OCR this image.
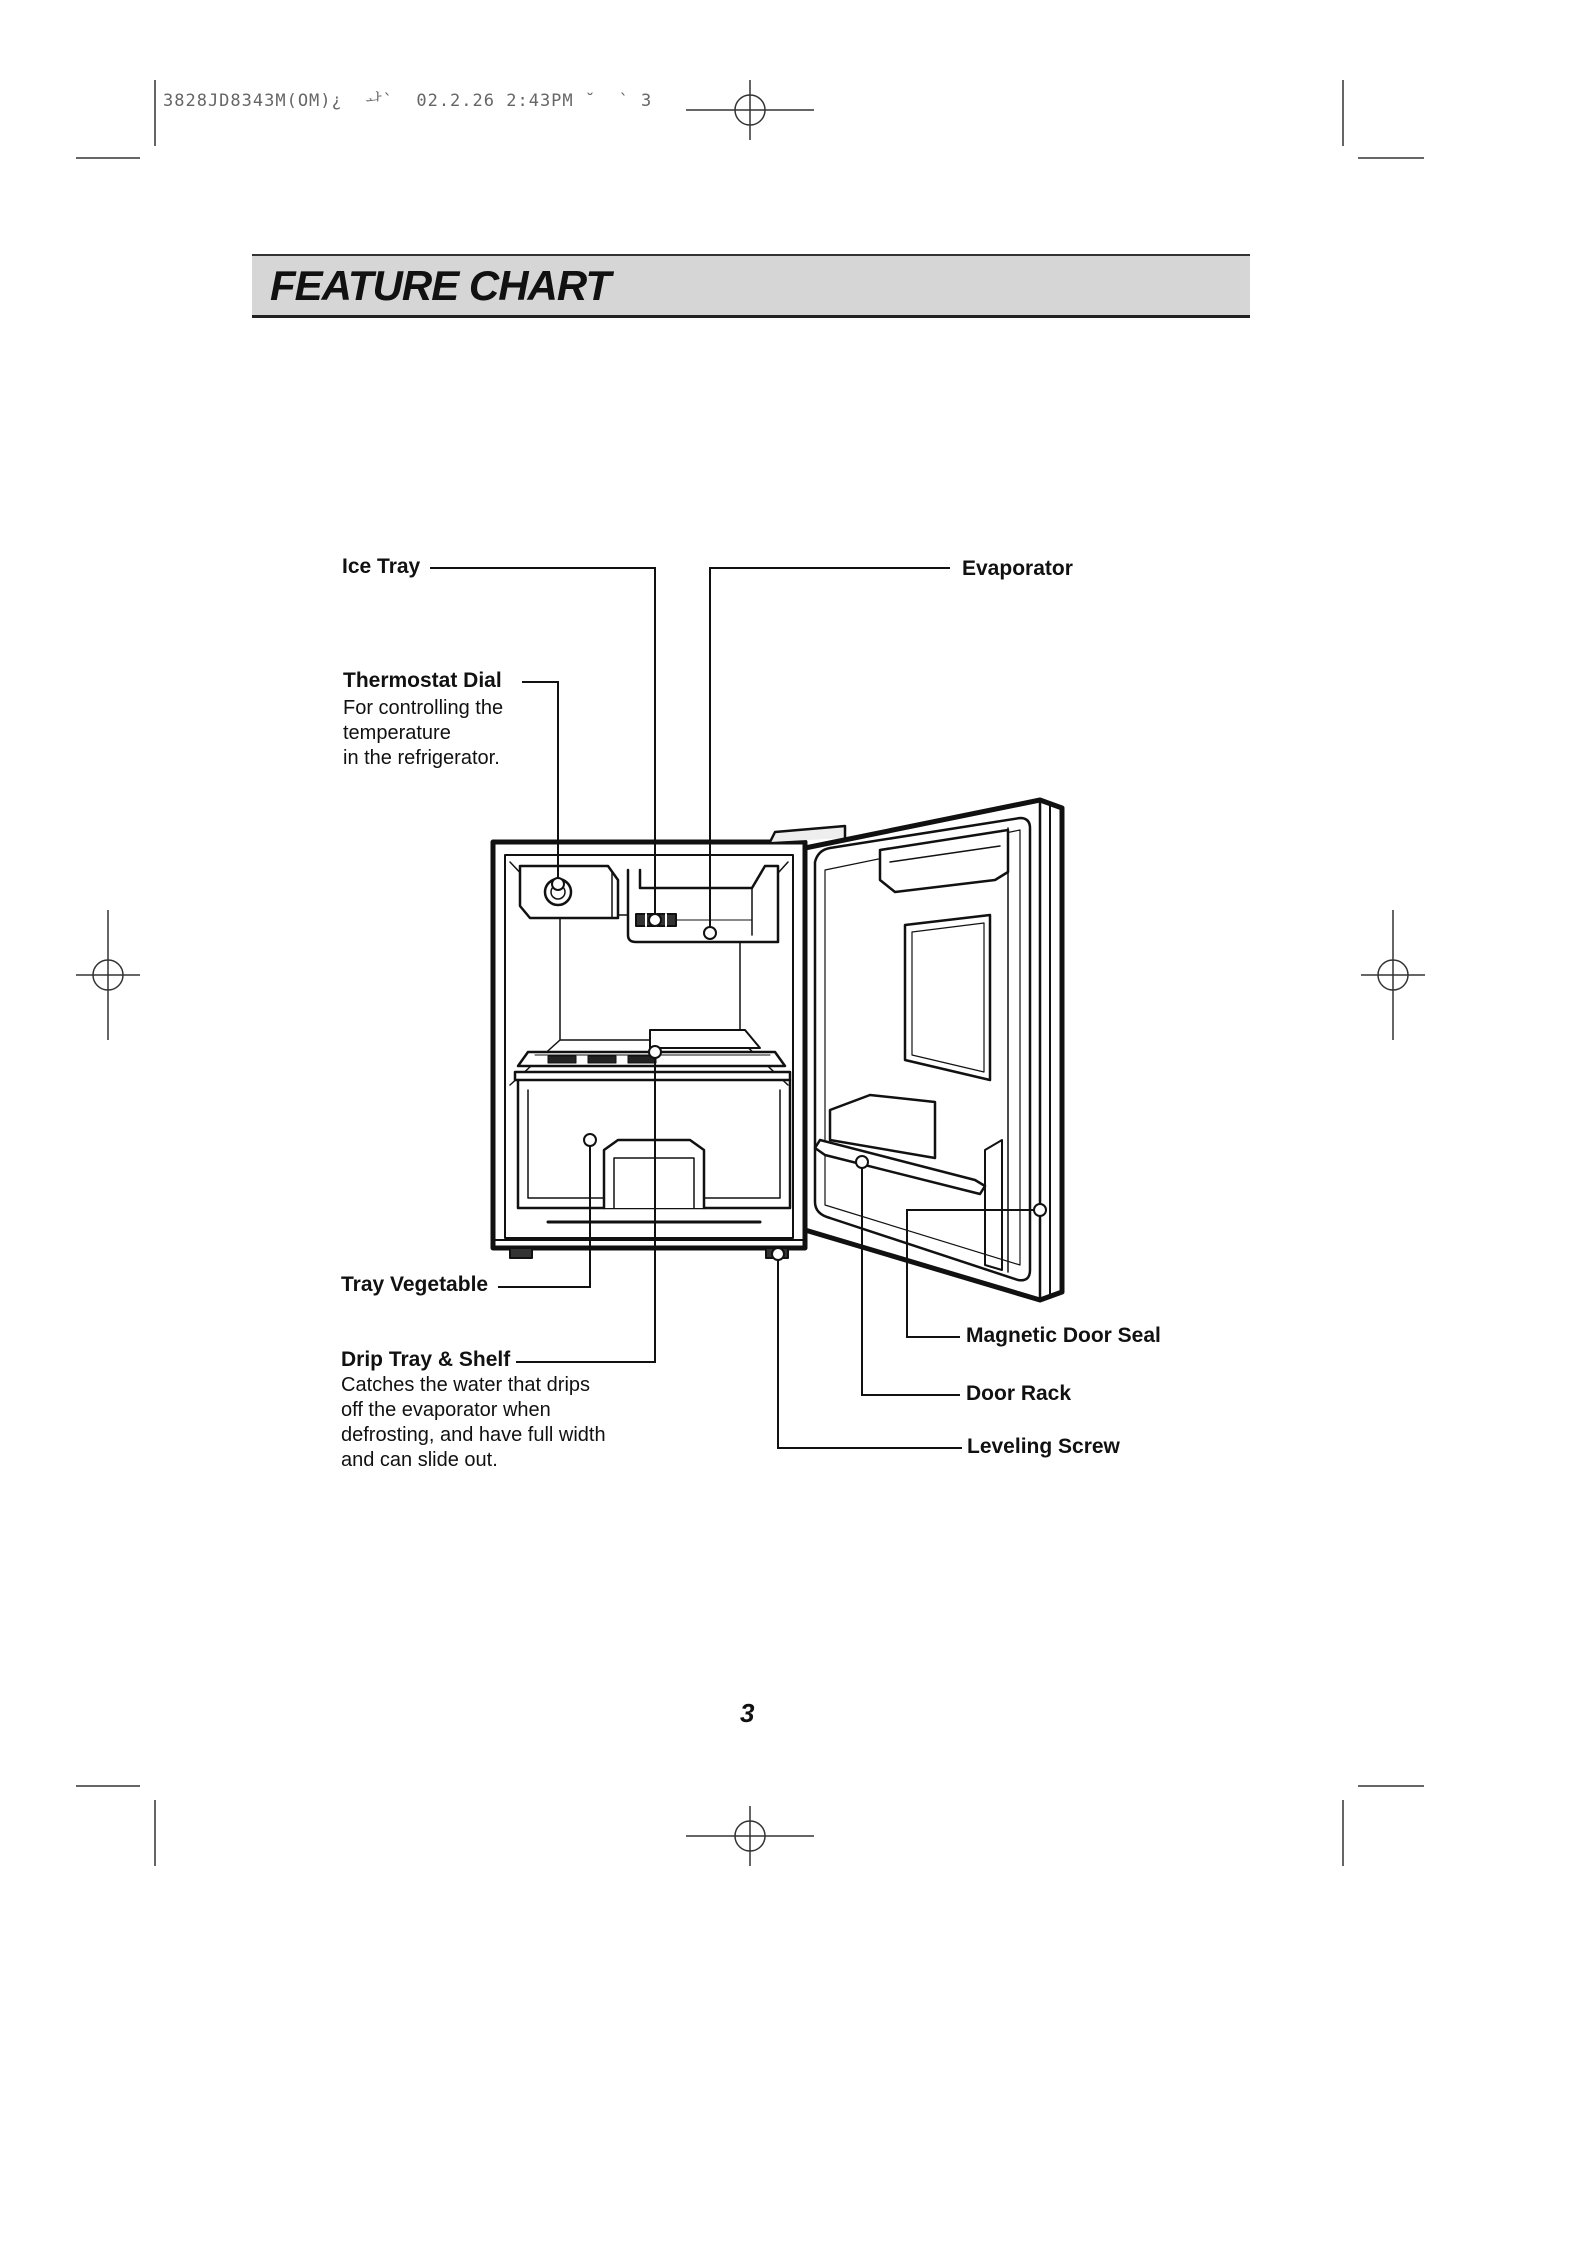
3828JD8343M(OM)¿  ᅪ`  02.2.26 2:43PM ˘  ` 3
FEATURE CHART
Ice Tray	Evaporator
Thermostat Dial
For controlling the
temperature
in the refrigerator.
Tray Vegetable
Drip Tray & Shelf
Catches the water that drips
off the evaporator when
defrosting, and have full width
and can slide out.
Magnetic Door Seal
Door Rack
Leveling Screw
3
